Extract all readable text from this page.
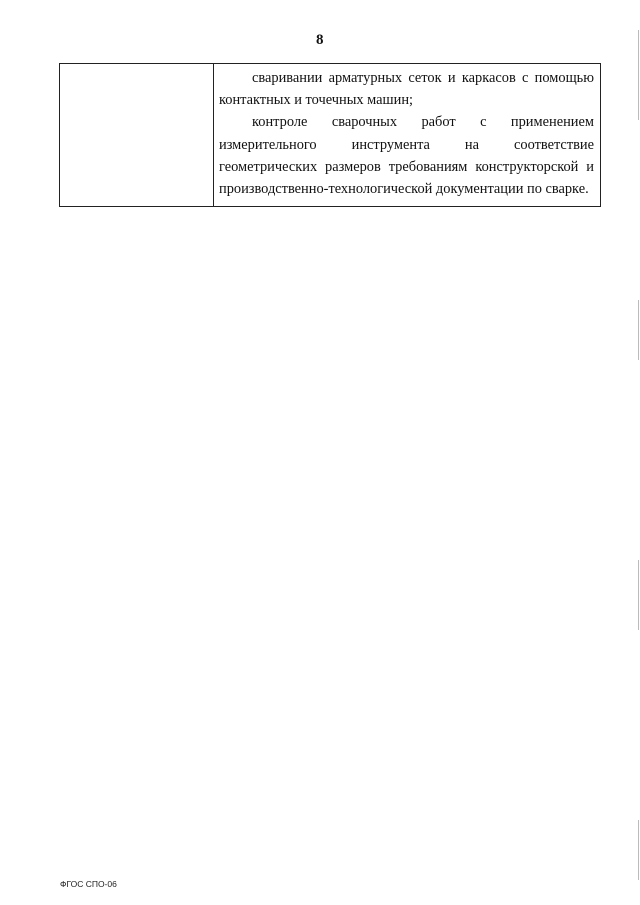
8

сваривании арматурных сеток и каркасов с помощью контактных и точечных машин;

контроле сварочных работ с применением измерительного инструмента на соответствие геометрических размеров требованиям конструкторской и производственно-технологической документации по сварке.

ФГОС СПО-06
